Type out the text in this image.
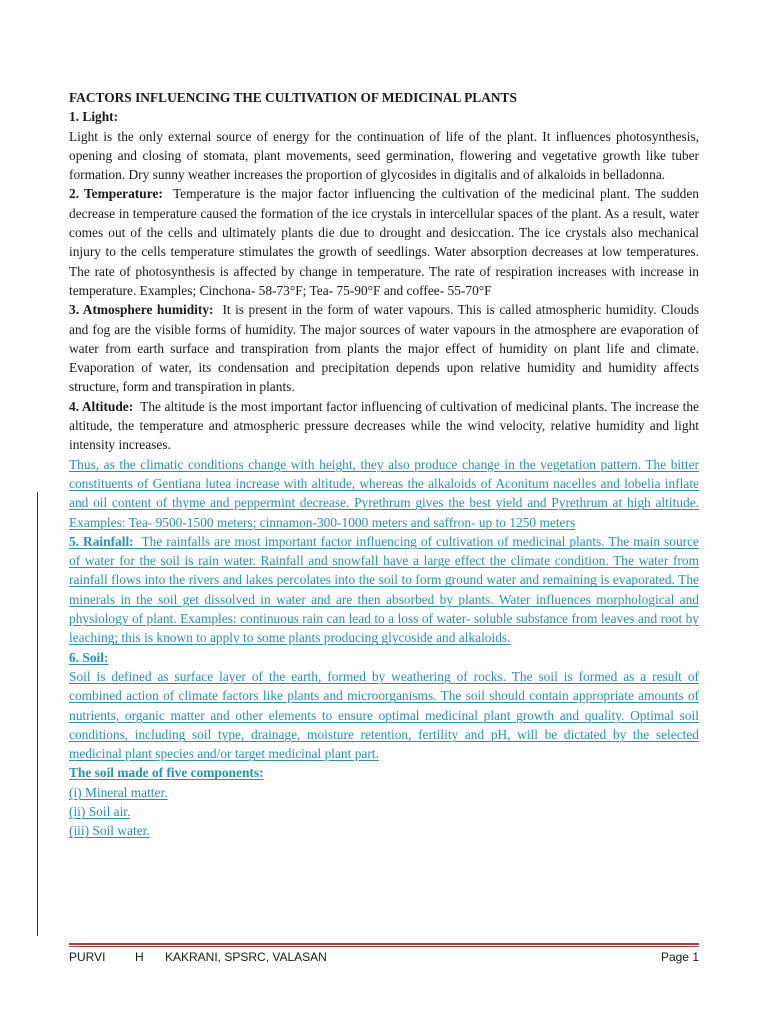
FACTORS INFLUENCING THE CULTIVATION OF MEDICINAL PLANTS

1. Light:

Light is the only external source of energy for the continuation of life of the plant. It influences photosynthesis, opening and closing of stomata, plant movements, seed germination, flowering and vegetative growth like tuber formation. Dry sunny weather increases the proportion of glycosides in digitalis and of alkaloids in belladonna.

2. Temperature: Temperature is the major factor influencing the cultivation of the medicinal plant. The sudden decrease in temperature caused the formation of the ice crystals in intercellular spaces of the plant. As a result, water comes out of the cells and ultimately plants die due to drought and desiccation. The ice crystals also mechanical injury to the cells temperature stimulates the growth of seedlings. Water absorption decreases at low temperatures. The rate of photosynthesis is affected by change in temperature. The rate of respiration increases with increase in temperature. Examples; Cinchona- 58-73°F; Tea- 75-90°F and coffee- 55-70°F

3. Atmosphere humidity: It is present in the form of water vapours. This is called atmospheric humidity. Clouds and fog are the visible forms of humidity. The major sources of water vapours in the atmosphere are evaporation of water from earth surface and transpiration from plants the major effect of humidity on plant life and climate. Evaporation of water, its condensation and precipitation depends upon relative humidity and humidity affects structure, form and transpiration in plants.

4. Altitude: The altitude is the most important factor influencing of cultivation of medicinal plants. The increase the altitude, the temperature and atmospheric pressure decreases while the wind velocity, relative humidity and light intensity increases.

Thus, as the climatic conditions change with height, they also produce change in the vegetation pattern. The bitter constituents of Gentiana lutea increase with altitude, whereas the alkaloids of Aconitum nacelles and lobelia inflate and oil content of thyme and peppermint decrease. Pyrethrum gives the best yield and Pyrethrum at high altitude. Examples: Tea- 9500-1500 meters; cinnamon-300-1000 meters and saffron- up to 1250 meters

5. Rainfall: The rainfalls are most important factor influencing of cultivation of medicinal plants. The main source of water for the soil is rain water. Rainfall and snowfall have a large effect the climate condition. The water from rainfall flows into the rivers and lakes percolates into the soil to form ground water and remaining is evaporated. The minerals in the soil get dissolved in water and are then absorbed by plants. Water influences morphological and physiology of plant. Examples: continuous rain can lead to a loss of water- soluble substance from leaves and root by leaching; this is known to apply to some plants producing glycoside and alkaloids.

6. Soil:

Soil is defined as surface layer of the earth, formed by weathering of rocks. The soil is formed as a result of combined action of climate factors like plants and microorganisms. The soil should contain appropriate amounts of nutrients, organic matter and other elements to ensure optimal medicinal plant growth and quality. Optimal soil conditions, including soil type, drainage, moisture retention, fertility and pH, will be dictated by the selected medicinal plant species and/or target medicinal plant part.

The soil made of five components:

(i) Mineral matter.

(ii) Soil air.

(iii) Soil water.

PURVI H KAKRANI, SPSRC, VALASAN	Page 1
